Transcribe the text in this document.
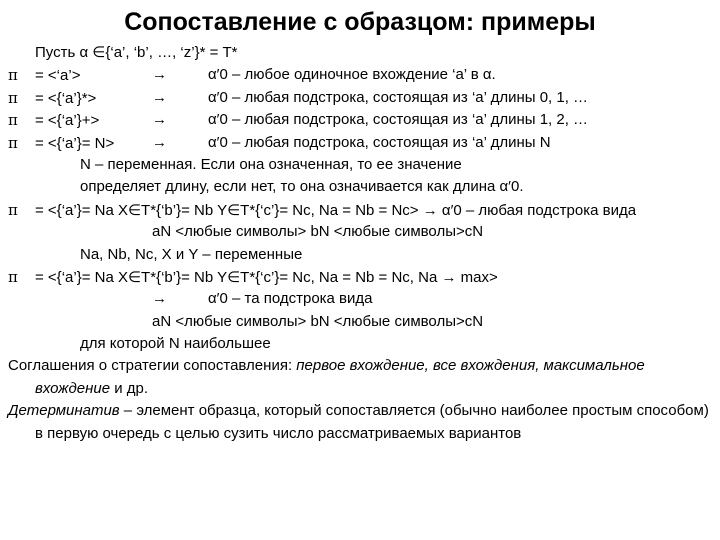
Сопоставление с образцом: примеры
Пусть α ∈{‘a’, ‘b’, …, ‘z’}* = T*
π = <‘a’>	→	α′0 – любое одиночное вхождение ‘a’ в α.
π = <{‘a’}*>	→	α′0 – любая подстрока, состоящая из ‘a’ длины 0, 1, …
π = <{‘a’}+>	→	α′0 – любая подстрока, состоящая из ‘a’ длины 1, 2, …
π = <{‘a’}= N>	→	α′0 – любая подстрока, состоящая из ‘a’ длины N
N – переменная. Если она означенная, то ее значение
определяет длину, если нет, то она означивается как длина α′0.
π = <{‘a’}= Na X∈T*{‘b’}= Nb Y∈T*{‘c’}= Nc, Na = Nb = Nc> → α′0 – любая подстрока вида
aN <любые символы> bN <любые символы>cN
Na, Nb, Nc, X и Y – переменные
π = <{‘a’}= Na X∈T*{‘b’}= Nb Y∈T*{‘c’}= Nc, Na = Nb = Nc, Na → max>
→	α′0 – та подстрока вида
aN <любые символы> bN <любые символы>cN
для которой N наибольшее
Соглашения о стратегии сопоставления: первое вхождение, все вхождения, максимальное вхождение и др.
Детерминатив – элемент образца, который сопоставляется (обычно наиболее простым способом) в первую очередь с целью сузить число рассматриваемых вариантов
